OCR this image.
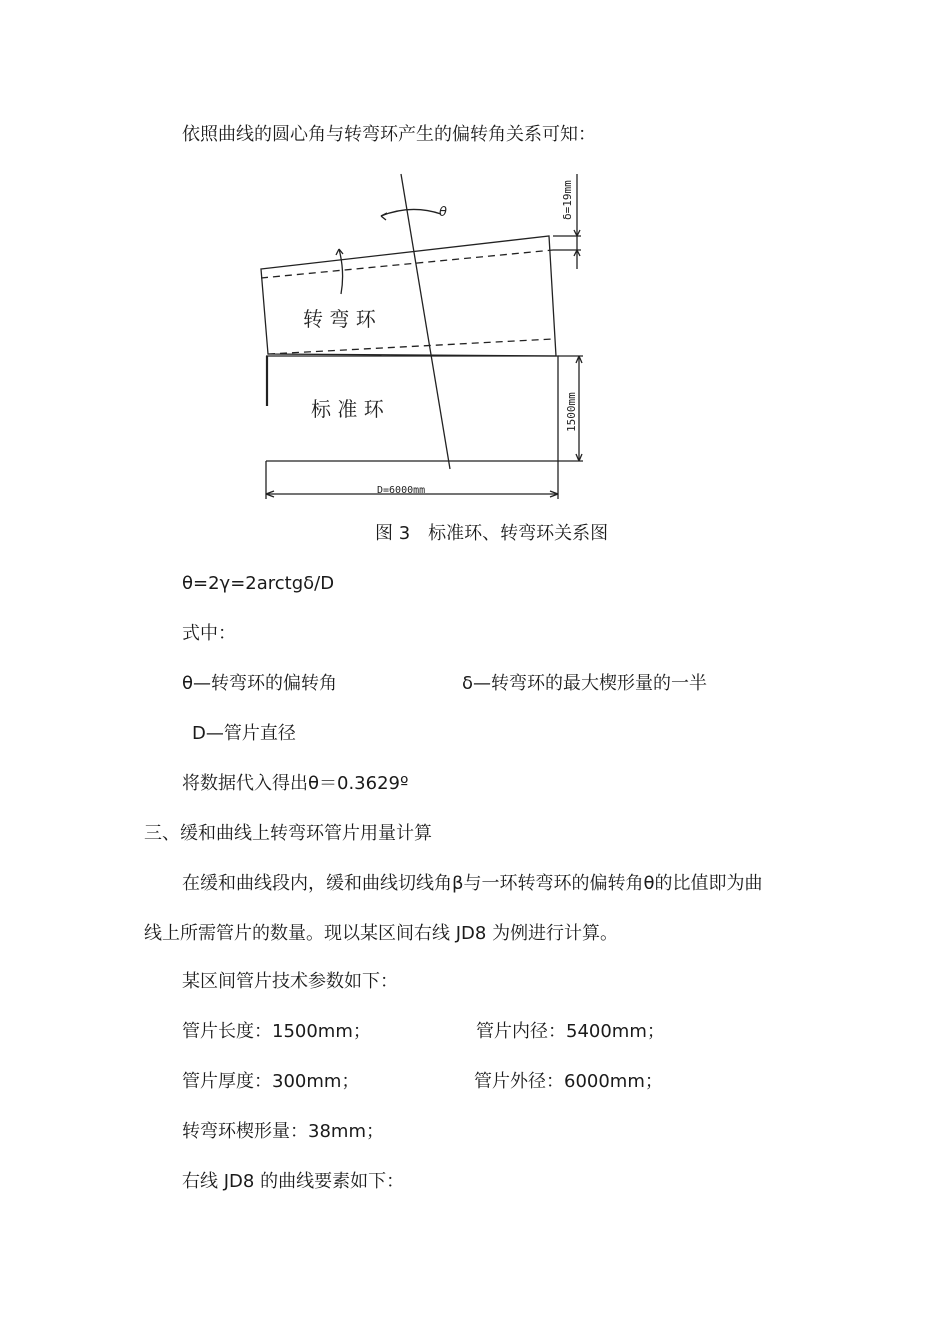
依照曲线的圆心角与转弯环产生的偏转角关系可知：
转 弯 环
标 准 环
θ	δ=19mm
1500mm
D=6000mm
图 3　标准环、转弯环关系图
θ=2γ=2arctgδ/D
式中：
θ—转弯环的偏转角	δ—转弯环的最大楔形量的一半
D—管片直径
将数据代入得出θ＝0.3629º
三、缓和曲线上转弯环管片用量计算
在缓和曲线段内，缓和曲线切线角β与一环转弯环的偏转角θ的比值即为曲
线上所需管片的数量。现以某区间右线 JD8 为例进行计算。
某区间管片技术参数如下：
管片长度：1500mm；	管片内径：5400mm；
管片厚度：300mm；	管片外径：6000mm；
转弯环楔形量：38mm；
右线 JD8 的曲线要素如下：
